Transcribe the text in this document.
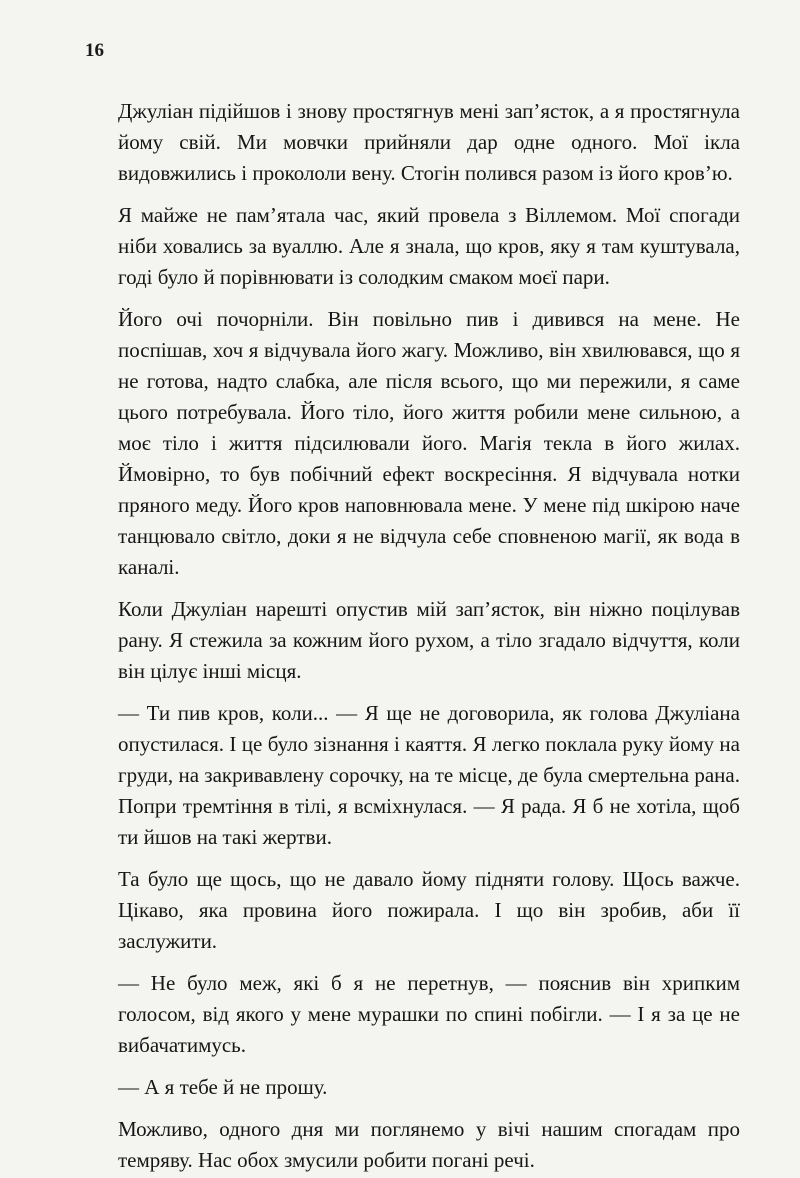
16

Джуліан підійшов і знову простягнув мені зап’ясток, а я простягнула йому свій. Ми мовчки прийняли дар одне одного. Мої ікла видовжились і прокололи вену. Стогін полився разом із його кров’ю.

Я майже не пам’ятала час, який провела з Віллемом. Мої спогади ніби ховались за вуаллю. Але я знала, що кров, яку я там куштувала, годі було й порівнювати із солодким смаком моєї пари.

Його очі почорніли. Він повільно пив і дивився на мене. Не поспішав, хоч я відчувала його жагу. Можливо, він хвилювався, що я не готова, надто слабка, але після всього, що ми пережили, я саме цього потребувала. Його тіло, його життя робили мене сильною, а моє тіло і життя підсилювали його. Магія текла в його жилах. Ймовірно, то був побічний ефект воскресіння. Я відчувала нотки пряного меду. Його кров наповнювала мене. У мене під шкірою наче танцювало світло, доки я не відчула себе сповненою магії, як вода в каналі.

Коли Джуліан нарешті опустив мій зап’ясток, він ніжно поцілував рану. Я стежила за кожним його рухом, а тіло згадало відчуття, коли він цілує інші місця.

— Ти пив кров, коли... — Я ще не договорила, як голова Джуліана опустилася. І це було зізнання і каяття. Я легко поклала руку йому на груди, на закривавлену сорочку, на те місце, де була смертельна рана. Попри тремтіння в тілі, я всміхнулася. — Я рада. Я б не хотіла, щоб ти йшов на такі жертви.

Та було ще щось, що не давало йому підняти голову. Щось важче. Цікаво, яка провина його пожирала. І що він зробив, аби її заслужити.

— Не було меж, які б я не перетнув, — пояснив він хрипким голосом, від якого у мене мурашки по спині побігли. — І я за це не вибачатимусь.

— А я тебе й не прошу.

Можливо, одного дня ми поглянемо у вічі нашим спогадам про темряву. Нас обох змусили робити погані речі.
